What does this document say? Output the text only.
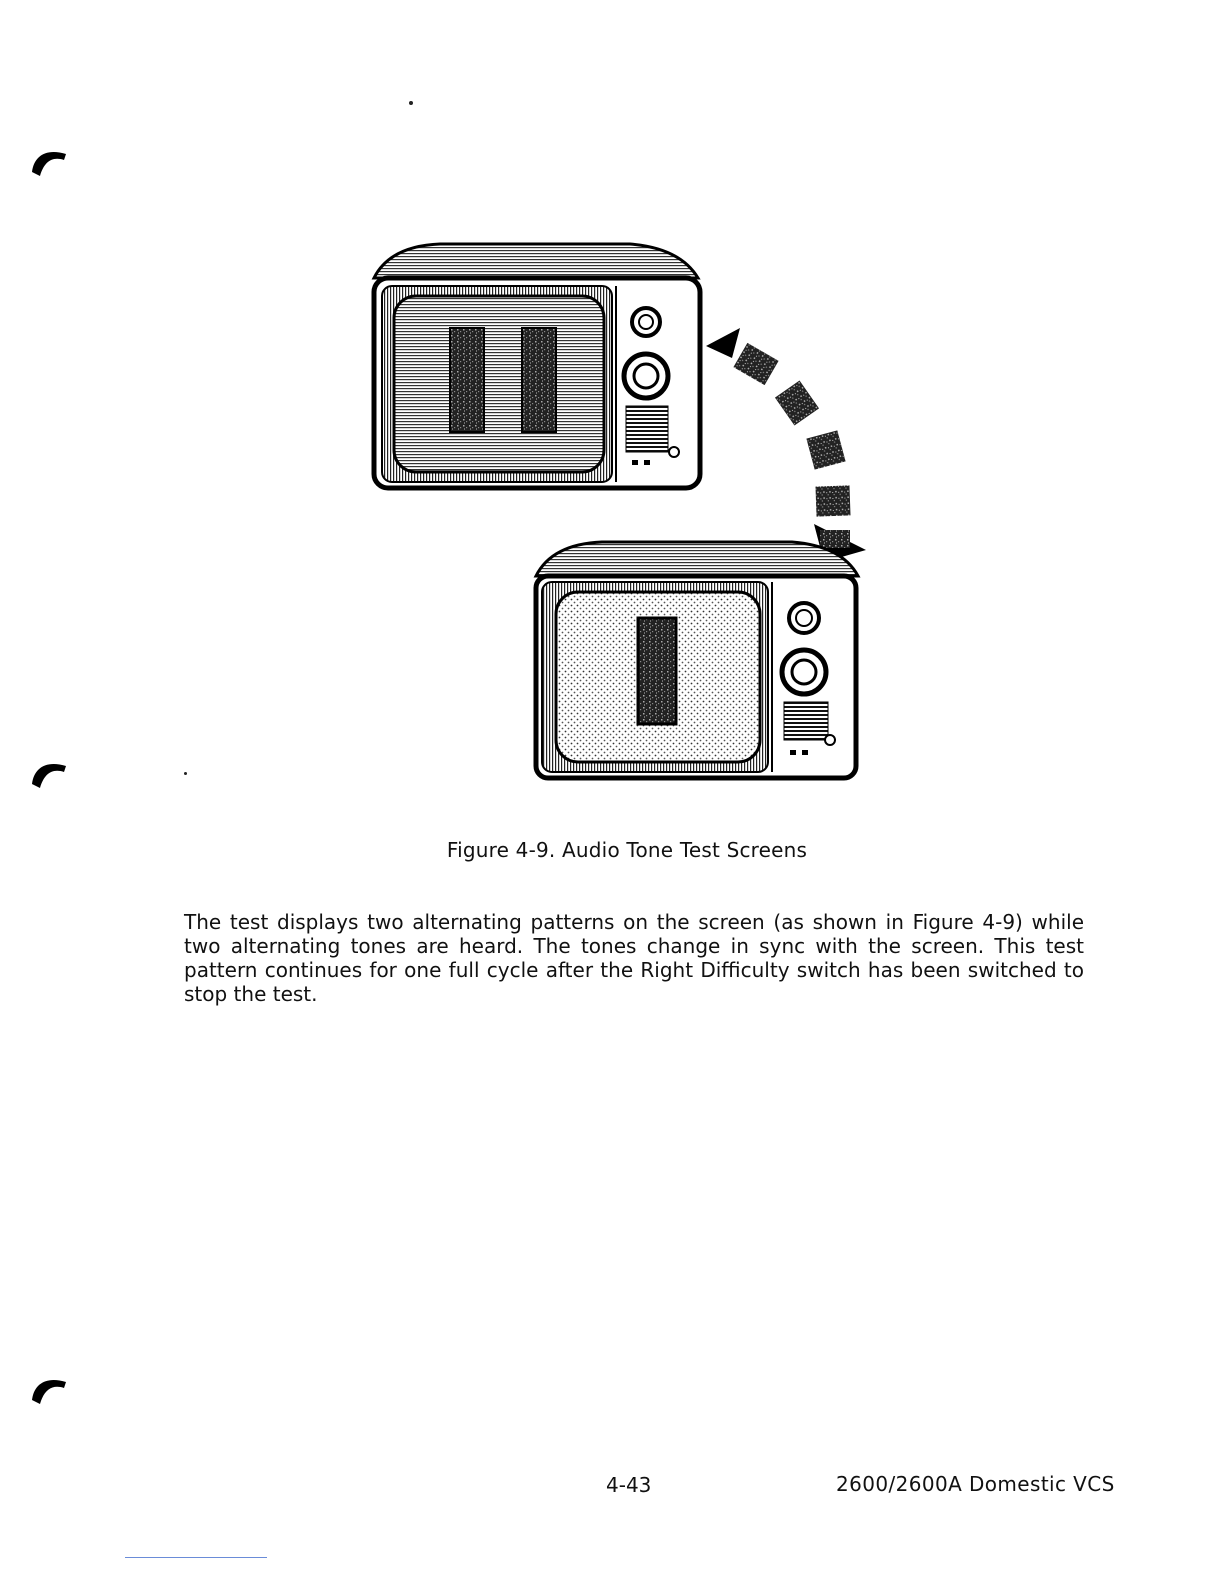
Figure 4-9. Audio Tone Test Screens

The test displays two alternating patterns on the screen (as shown in Figure 4-9) while two alternating tones are heard. The tones change in sync with the screen. This test pattern continues for one full cycle after the Right Difficulty switch has been switched to stop the test.

4-43	2600/2600A Domestic VCS
